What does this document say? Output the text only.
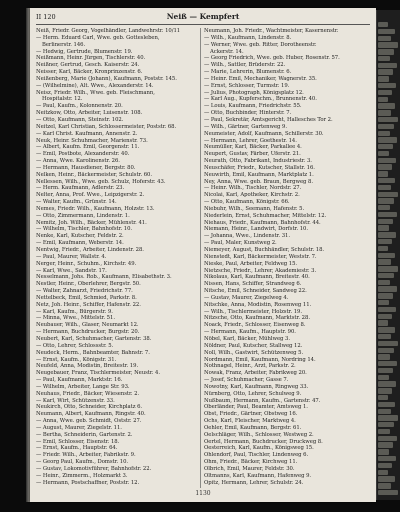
II 120	Neiß — Kempfert
Neiß, Friedr. Georg, Vogelhändler, Landwehrstr. 10/11
— Herm. Eduard Carl, Wwe. geb. Gottesleben,
Berlinerstr. 146.
— Hedwig, Gertrude, Blumenstr. 19.
Neißmann, Heinr. Jürgen, Tischlerstr. 40.
Neißner, Gertrud, Gesch. Kaiserstr. 24.
Neisser, Karl, Bäcker, Kronprinzenstr. 6.
Neißenberg, Marie (Johann), Kaufmann, Poststr. 145.
— (Wilhelmine), Alt. Wwe., Alexanderstr. 14.
Neisz, Friedr. Wilh., Wwe. geb. Fleischmann,
Hospitalstr. 12.
— Paul, Kaufm., Kolonnenstr. 20.
Neitzkow, Otto, Arbeiter, Luisenstr. 108.
— Otto, Kaufmann, Steinstr. 102.
Neitzel, Karl Christian, Schlossermeister, Poststr. 68.
— Karl Christ. Kaufmann, Annenstr. 2.
Neuk, Heinr. Schuhmacher, Marienstr. 73.
— Albert, Kaufm. Emil, Georgenstr. 11.
— Emil, Postbote, Alexanderstr. 40.
— Anna, Wwe. Karolinenstr. 26.
— Hermann, Hausdiener, Bergstr. 80.
Nelken, Heinr., Bäckermeister, Schulstr. 60.
Nellessen, Wilh., Wwe. geb. Schulz, Hoferstr. 43.
— Herm. Kaufmann, Adlerstr. 23.
Nelter, Anna, Prof. Wwe., Leipzigerstr. 2.
— Walter, Kaufm., Grünstr. 14.
Nemes, Friedr. Wilh., Kaufmann, Holzstr. 13.
— Otto, Zimmermann, Lindenstr. 1.
Nemitz, Joh. Wilh., Bäcker, Mühlenstr. 41.
— Wilhelm, Tischler, Bahnhofstr. 10.
Nenke, Karl, Kutscher, Feldstr. 2.
— Emil, Kaufmann, Weberstr. 14.
Nentwig, Friedr., Arbeiter, Lindenstr. 28.
— Paul, Maurer, Wallstr. 4.
Nerger, Heinr., Schuhm., Kirchstr. 49.
— Karl, Wwe., Sandstr. 17.
Nesselmann, Johs. Rob., Kaufmann, Elisabethstr. 3.
Nestler, Heinr., Oberlehrer, Bergstr. 50.
— Walter, Zahnarzt, Friedrichstr. 77.
Nettelbeck, Emil, Schmied, Parkstr. 8.
Netz, Joh. Heinr., Schiffer, Hafenstr. 22.
— Karl, Kaufm., Bürgerstr. 9.
— Minna, Wwe., Mittelstr. 51.
Neubauer, Wilh., Glaser, Neumarkt 12.
— Hermann, Buchdrucker, Burgstr. 20.
Neubert, Karl, Schuhmacher, Gartenstr. 38.
— Otto, Lehrer, Schlossstr. 5.
Neudeck, Herm., Bahnbeamter, Bahnstr. 7.
— Ernst, Kaufm., Königstr. 31.
Neufeld, Anna, Modistin, Breitestr. 19.
Neugebauer, Franz, Tischlermeister, Neustr. 4.
— Paul, Kaufmann, Marktstr. 16.
— Wilhelm, Arbeiter, Lange Str. 93.
Neuhaus, Friedr., Bäcker, Wiesenstr. 2.
— Karl, Wirt, Schützenstr. 33.
Neukirch, Otto, Schneider, Kirchplatz 6.
Neumann, Albert, Kaufmann, Ringstr. 40.
— Anna, Wwe. geb. Schmidt, Oststr. 27.
— August, Maurer, Ziegelstr. 11.
— Bertha, Schneiderin, Gartenstr. 2.
— Emil, Schlosser, Eisenstr. 18.
— Ernst, Kaufm., Hauptstr. 64.
— Friedr. Wilh., Arbeiter, Fabrikstr. 9.
— Georg Paul, Kaufm., Domstr. 10.
— Gustav, Lokomotivführer, Bahnhofstr. 22.
— Heinr., Zimmerm., Holzmarkt 3.
— Hermann, Postschaffner, Poststr. 12.
Neumann, Joh. Friedr., Wachtmeister, Kasernenstr.
— Wilh., Kaufmann, Lindenstr. 8.
— Werner, Wwe. geb. Ritter, Dorotheenstr.
Ackerstr. 14.
— Georg Friedrich, Wwe. geb. Huber, Rosenstr. 57.
— Wilh., Sattler, Brüderstr. 22.
— Marie, Lehrerin, Blumenstr. 6.
— Heinr. Emil, Mechaniker, Wagnerstr. 35.
— Ernst, Schlosser, Turmstr. 19.
— Julius, Photograph, Königsplatz 12.
— Karl Aug., Kupferschm., Brunnenstr. 40.
— Louis, Kaufmann, Friedrichstr. 55.
— Otto, Buchbinder, Hinterstr. 7.
— Paul, Sekretär, Amtsgericht, Hallesches Tor 2.
— Wilh., Gärtner, Gartenweg 9.
Neumeister, Adolf, Kaufmann, Schillerstr. 30.
— Hermann, Lehrer, Goethestr. 14.
Neumüller, Karl, Bäcker, Parkallee 4.
Neupert, Gustav, Färber, Uferstr. 21.
Neurath, Otto, Fabrikant, Industriestr. 3.
Neuschäfer, Friedr., Kutscher, Stallstr. 16.
Neuwirth, Emil, Kaufmann, Marktplatz 1.
Ney, Anna, Wwe. geb. Braun, Bergweg 8.
— Heinr. Wilh., Tischler, Nordstr. 27.
Nicolai, Karl, Apotheker, Kirchstr. 2.
— Otto, Kaufmann, Königstr. 66.
Niebuhr, Wilh., Seemann, Hafenstr. 5.
Niederlein, Ernst, Schuhmacher, Mittelstr. 12.
Niehaus, Friedr., Kaufmann, Bahnhofstr. 44.
Niemann, Heinr., Landwirt, Dorfstr. 10.
— Johanna, Wwe., Lindenstr. 31.
— Paul, Maler, Kunstweg 2.
Niemeyer, August, Buchhändler, Schulstr. 18.
Nienstedt, Karl, Bäckermeister, Weststr. 7.
Nieske, Paul, Arbeiter, Feldweg 15.
Nietzsche, Friedr., Lehrer, Akademiestr. 3.
Nikolaus, Karl, Kaufmann, Breitestr. 40.
Nissen, Hans, Schiffer, Strandweg 6.
Nitsche, Emil, Schneider, Sandweg 22.
— Gustav, Maurer, Ziegelweg 4.
Nitschke, Anna, Modistin, Rosenweg 11.
— Wilh., Tischlermeister, Holzstr. 19.
Nitzsche, Otto, Kaufmann, Marktstr. 28.
Noack, Friedr., Schlosser, Eisenweg 8.
— Hermann, Kaufm., Hauptstr. 90.
Nöbel, Karl, Bäcker, Mühlweg 3.
Nöldner, Paul, Kutscher, Stallweg 12.
Noll, Wilh., Gastwirt, Schützenweg 5.
Nordmann, Emil, Kaufmann, Nordring 14.
Nothnagel, Heinr., Arzt, Parkstr. 2.
Nowak, Franz, Arbeiter, Fabrikweg 20.
— Josef, Schuhmacher, Gasse 7.
Nowotny, Karl, Kaufmann, Ringweg 33.
Nürnberg, Otto, Lehrer, Schulweg 9.
Nußbaum, Hermann, Kaufm., Gartenstr. 47.
Oberländer, Paul, Beamter, Amtsweg 1.
Obst, Friedr., Gärtner, Obstweg 16.
Ochs, Karl, Fleischer, Marktweg 4.
Oehler, Emil, Kaufmann, Bergstr. 61.
Oelschläger, Wilh., Schlosser, Westweg 2.
Oertel, Hermann, Buchdrucker, Druckweg 8.
Oesterreich, Karl, Kaufm., Königsweg 15.
Ohlendorf, Paul, Tischler, Lindenweg 6.
Ohm, Friedr., Bäcker, Kirchweg 11.
Olbrich, Emil, Maurer, Feldstr. 30.
Oltmanns, Karl, Kaufmann, Hafenweg 9.
Opitz, Hermann, Lehrer, Schulstr. 24.
1130
